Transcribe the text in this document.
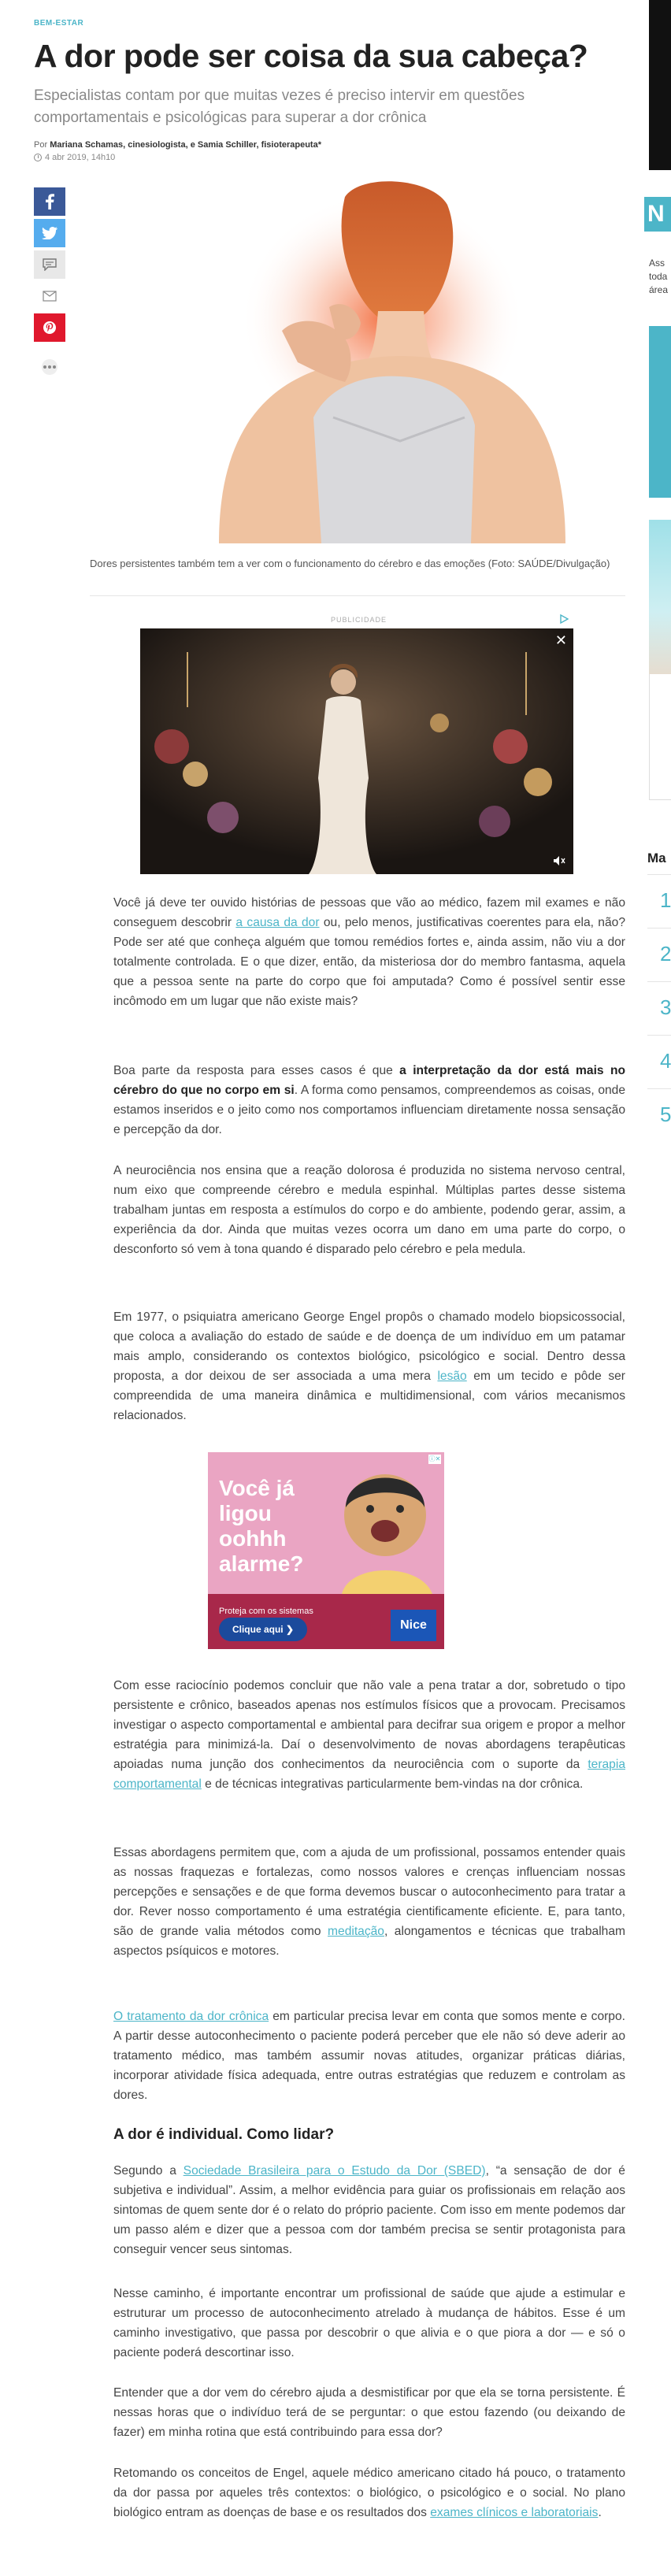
BEM-ESTAR
A dor pode ser coisa da sua cabeça?

Especialistas contam por que muitas vezes é preciso intervir em questões comportamentais e psicológicas para superar a dor crônica

Por Mariana Schamas, cinesiologista, e Samia Schiller, fisioterapeuta*
4 abr 2019, 14h10

Dores persistentes também tem a ver com o funcionamento do cérebro e das emoções (Foto: SAÚDE/Divulgação)

PUBLICIDADE
✕

Você já deve ter ouvido histórias de pessoas que vão ao médico, fazem mil exames e não conseguem descobrir a causa da dor ou, pelo menos, justificativas coerentes para ela, não? Pode ser até que conheça alguém que tomou remédios fortes e, ainda assim, não viu a dor totalmente controlada. E o que dizer, então, da misteriosa dor do membro fantasma, aquela que a pessoa sente na parte do corpo que foi amputada? Como é possível sentir esse incômodo em um lugar que não existe mais?

Boa parte da resposta para esses casos é que a interpretação da dor está mais no cérebro do que no corpo em si. A forma como pensamos, compreendemos as coisas, onde estamos inseridos e o jeito como nos comportamos influenciam diretamente nossa sensação e percepção da dor.

A neurociência nos ensina que a reação dolorosa é produzida no sistema nervoso central, num eixo que compreende cérebro e medula espinhal. Múltiplas partes desse sistema trabalham juntas em resposta a estímulos do corpo e do ambiente, podendo gerar, assim, a experiência da dor. Ainda que muitas vezes ocorra um dano em uma parte do corpo, o desconforto só vem à tona quando é disparado pelo cérebro e pela medula.

Em 1977, o psiquiatra americano George Engel propôs o chamado modelo biopsicossocial, que coloca a avaliação do estado de saúde e de doença de um indivíduo em um patamar mais amplo, considerando os contextos biológico, psicológico e social. Dentro dessa proposta, a dor deixou de ser associada a uma mera lesão em um tecido e pôde ser compreendida de uma maneira dinâmica e multidimensional, com vários mecanismos relacionados.

Você já ligou oohhh alarme?
Proteja com os sistemas
Clique aqui ❯	Nice
ⓘ✕

Com esse raciocínio podemos concluir que não vale a pena tratar a dor, sobretudo o tipo persistente e crônico, baseados apenas nos estímulos físicos que a provocam. Precisamos investigar o aspecto comportamental e ambiental para decifrar sua origem e propor a melhor estratégia para minimizá-la. Daí o desenvolvimento de novas abordagens terapêuticas apoiadas numa junção dos conhecimentos da neurociência com o suporte da terapia comportamental e de técnicas integrativas particularmente bem-vindas na dor crônica.

Essas abordagens permitem que, com a ajuda de um profissional, possamos entender quais as nossas fraquezas e fortalezas, como nossos valores e crenças influenciam nossas percepções e sensações e de que forma devemos buscar o autoconhecimento para tratar a dor. Rever nosso comportamento é uma estratégia cientificamente eficiente. E, para tanto, são de grande valia métodos como meditação, alongamentos e técnicas que trabalham aspectos psíquicos e motores.

O tratamento da dor crônica em particular precisa levar em conta que somos mente e corpo. A partir desse autoconhecimento o paciente poderá perceber que ele não só deve aderir ao tratamento médico, mas também assumir novas atitudes, organizar práticas diárias, incorporar atividade física adequada, entre outras estratégias que reduzem e controlam as dores.

A dor é individual. Como lidar?

Segundo a Sociedade Brasileira para o Estudo da Dor (SBED), “a sensação de dor é subjetiva e individual”. Assim, a melhor evidência para guiar os profissionais em relação aos sintomas de quem sente dor é o relato do próprio paciente. Com isso em mente podemos dar um passo além e dizer que a pessoa com dor também precisa se sentir protagonista para conseguir vencer seus sintomas.

Nesse caminho, é importante encontrar um profissional de saúde que ajude a estimular e estruturar um processo de autoconhecimento atrelado à mudança de hábitos. Esse é um caminho investigativo, que passa por descobrir o que alivia e o que piora a dor — e só o paciente poderá descortinar isso.

Entender que a dor vem do cérebro ajuda a desmistificar por que ela se torna persistente. É nessas horas que o indivíduo terá de se perguntar: o que estou fazendo (ou deixando de fazer) em minha rotina que está contribuindo para essa dor?

Retomando os conceitos de Engel, aquele médico americano citado há pouco, o tratamento da dor passa por aqueles três contextos: o biológico, o psicológico e o social. No plano biológico entram as doenças de base e os resultados dos exames clínicos e laboratoriais.

N
Ass
toda
área
Ma
1
2
3
4
5
